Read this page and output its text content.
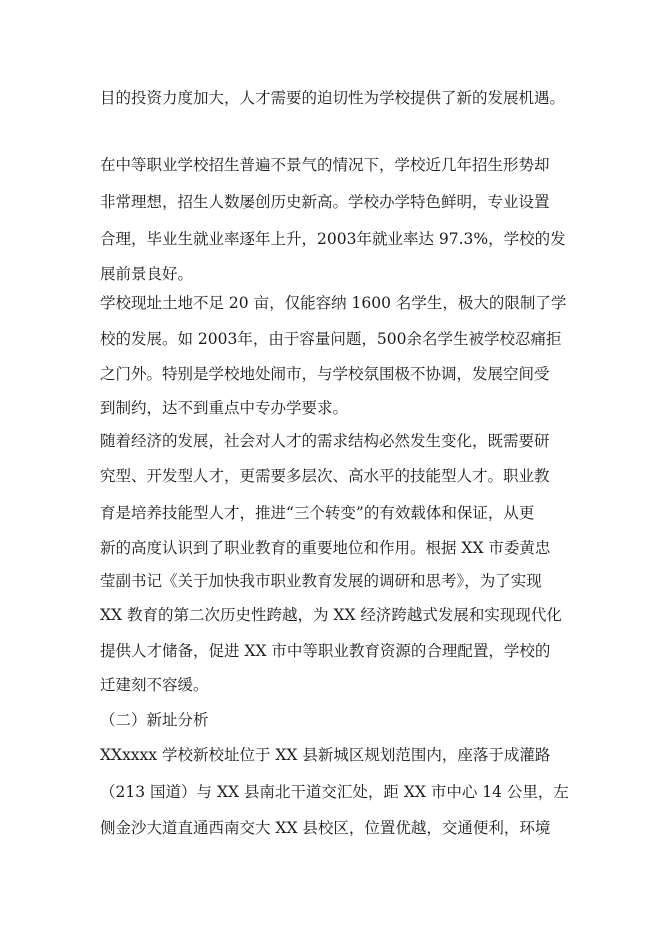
目的投资力度加大，人才需要的迫切性为学校提供了新的发展机遇。
在中等职业学校招生普遍不景气的情况下，学校近几年招生形势却
非常理想，招生人数屡创历史新高。学校办学特色鲜明，专业设置
合理，毕业生就业率逐年上升，2003年就业率达 97.3%，学校的发
展前景良好。
学校现址土地不足 20 亩，仅能容纳 1600 名学生，极大的限制了学
校的发展。如 2003年，由于容量问题，500余名学生被学校忍痛拒
之门外。特别是学校地处闹市，与学校氛围极不协调，发展空间受
到制约，达不到重点中专办学要求。
随着经济的发展，社会对人才的需求结构必然发生变化，既需要研
究型、开发型人才，更需要多层次、高水平的技能型人才。职业教
育是培养技能型人才，推进“三个转变”的有效载体和保证，从更
新的高度认识到了职业教育的重要地位和作用。根据 XX 市委黄忠
莹副书记《关于加快我市职业教育发展的调研和思考》，为了实现
XX 教育的第二次历史性跨越，为 XX 经济跨越式发展和实现现代化
提供人才储备，促进 XX 市中等职业教育资源的合理配置，学校的
迁建刻不容缓。
（二）新址分析
XXxxxx 学校新校址位于 XX 县新城区规划范围内，座落于成灌路
（213 国道）与 XX 县南北干道交汇处，距 XX 市中心 14 公里，左
侧金沙大道直通西南交大 XX 县校区，位置优越，交通便利，环境
